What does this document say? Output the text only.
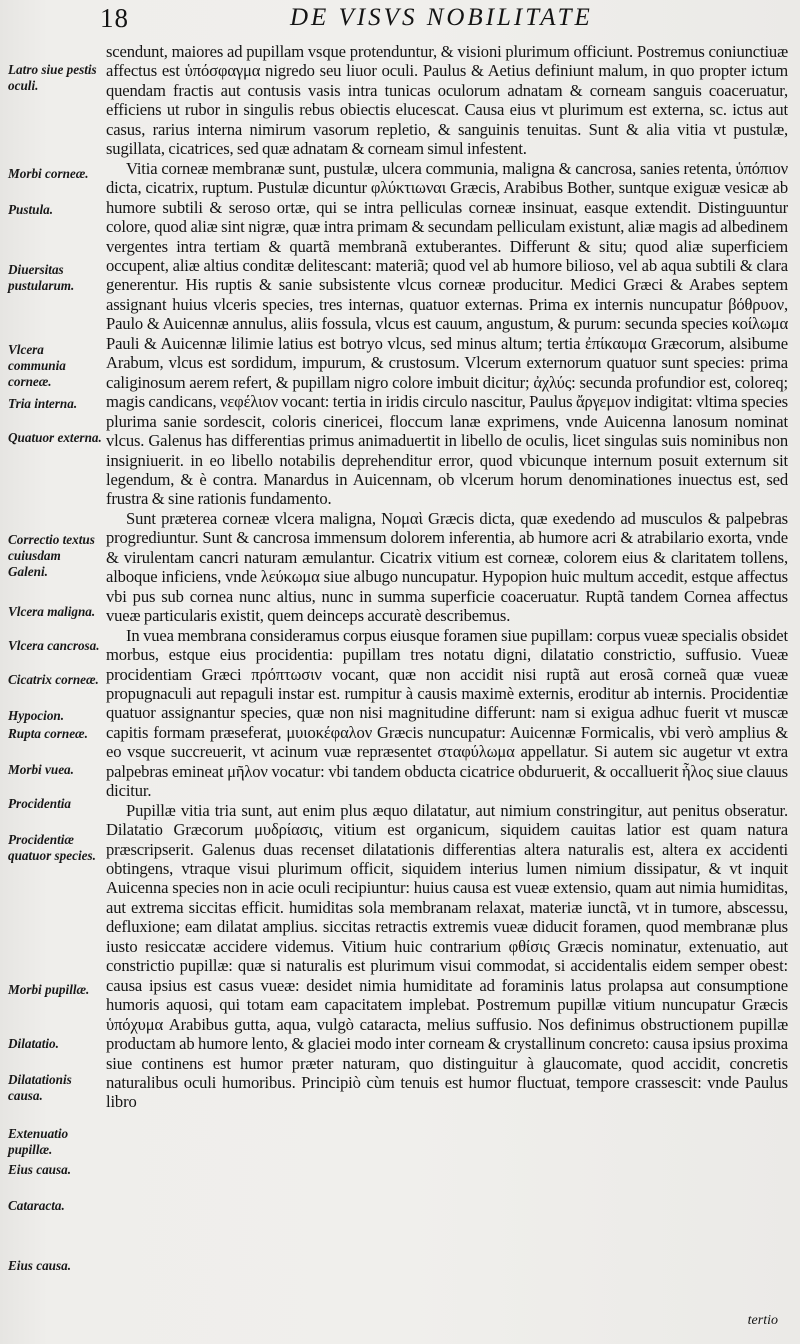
18	DE VISVS NOBILITATE
Latro siue pestis oculi.
Morbi corneæ.
Pustula.
Diuersitas pustularum.
Vlcera communia corneæ.
Tria interna.
Quatuor externa.
Correctio textus cuiusdam Galeni.
Vlcera maligna.
Vlcera cancrosa.
Cicatrix corneæ.
Hypocion.
Rupta corneæ.
Morbi vuea.
Procidentia
Procidentiæ quatuor species.
Morbi pupillæ.
Dilatatio.
Dilatationis causa.
Extenuatio pupillæ.
Eius causa.
Cataracta.
Eius causa.

scendunt, maiores ad pupillam vsque protenduntur, & visioni plurimum officiunt. Postremus coniunctiuæ affectus est ὑπόσφαγμα nigredo seu liuor oculi. Paulus & Aetius definiunt malum, in quo propter ictum quendam fractis aut contusis vasis intra tunicas oculorum adnatam & corneam sanguis coaceruatur, efficiens ut rubor in singulis rebus obiectis elucescat. Causa eius vt plurimum est externa, sc. ictus aut casus, rarius interna nimirum vasorum repletio, & sanguinis tenuitas. Sunt & alia vitia vt pustulæ, sugillata, cicatrices, sed quæ adnatam & corneam simul infestent.

Vitia corneæ membranæ sunt, pustulæ, ulcera communia, maligna & cancrosa, sanies retenta, ὑπόπιον dicta, cicatrix, ruptum. Pustulæ dicuntur φλύκτιωναι Græcis, Arabibus Bother, suntque exiguæ vesicæ ab humore subtili & seroso ortæ, qui se intra pelliculas corneæ insinuat, easque extendit. Distinguuntur colore, quod aliæ sint nigræ, quæ intra primam & secundam pelliculam existunt, aliæ magis ad albedinem vergentes intra tertiam & quartã membranã extuberantes. Differunt & situ; quod aliæ superficiem occupent, aliæ altius conditæ delitescant: materiã; quod vel ab humore bilioso, vel ab aqua subtili & clara generentur. His ruptis & sanie subsistente vlcus corneæ producitur. Medici Græci & Arabes septem assignant huius vlceris species, tres internas, quatuor externas. Prima ex internis nuncupatur βόθρυον, Paulo & Auicennæ annulus, aliis fossula, vlcus est cauum, angustum, & purum: secunda species κοίλωμα Pauli & Auicennæ lilimie latius est botryo vlcus, sed minus altum; tertia ἐπίκαυμα Græcorum, alsibume Arabum, vlcus est sordidum, impurum, & crustosum. Vlcerum externorum quatuor sunt species: prima caliginosum aerem refert, & pupillam nigro colore imbuit dicitur; ἀχλύς: secunda profundior est, coloreq; magis candicans, νεφέλιον vocant: tertia in iridis circulo nascitur, Paulus ἄργεμον indigitat: vltima species plurima sanie sordescit, coloris cinericei, floccum lanæ exprimens, vnde Auicenna lanosum nominat vlcus. Galenus has differentias primus animaduertit in libello de oculis, licet singulas suis nominibus non insigniuerit. in eo libello notabilis deprehenditur error, quod vbicunque internum posuit externum sit legendum, & è contra. Manardus in Auicennam, ob vlcerum horum denominationes inuectus est, sed frustra & sine rationis fundamento.

Sunt præterea corneæ vlcera maligna, Νομαὶ Græcis dicta, quæ exedendo ad musculos & palpebras progrediuntur. Sunt & cancrosa immensum dolorem inferentia, ab humore acri & atrabilario exorta, vnde & virulentam cancri naturam æmulantur. Cicatrix vitium est corneæ, colorem eius & claritatem tollens, alboque inficiens, vnde λεύκωμα siue albugo nuncupatur. Hypopion huic multum accedit, estque affectus vbi pus sub cornea nunc altius, nunc in summa superficie coaceruatur. Ruptã tandem Cornea affectus vueæ particularis existit, quem deinceps accuratè describemus.

In vuea membrana consideramus corpus eiusque foramen siue pupillam: corpus vueæ specialis obsidet morbus, estque eius procidentia: pupillam tres notatu digni, dilatatio constrictio, suffusio. Vueæ procidentiam Græci πρόπτωσιν vocant, quæ non accidit nisi ruptã aut erosã corneã quæ vueæ propugnaculi aut repaguli instar est. rumpitur à causis maximè externis, eroditur ab internis. Procidentiæ quatuor assignantur species, quæ non nisi magnitudine differunt: nam si exigua adhuc fuerit vt muscæ capitis formam præseferat, μυιοκέφαλον Græcis nuncupatur: Auicennæ Formicalis, vbi verò amplius & eo vsque succreuerit, vt acinum vuæ repræsentet σταφύλωμα appellatur. Si autem sic augetur vt extra palpebras emineat μῆλον vocatur: vbi tandem obducta cicatrice obduruerit, & occalluerit ἧλος siue clauus dicitur.

Pupillæ vitia tria sunt, aut enim plus æquo dilatatur, aut nimium constringitur, aut penitus obseratur. Dilatatio Græcorum μυδρίασις, vitium est organicum, siquidem cauitas latior est quam natura præscripserit. Galenus duas recenset dilatationis differentias altera naturalis est, altera ex accidenti obtingens, vtraque visui plurimum officit, siquidem interius lumen nimium dissipatur, & vt inquit Auicenna species non in acie oculi recipiuntur: huius causa est vueæ extensio, quam aut nimia humiditas, aut extrema siccitas efficit. humiditas sola membranam relaxat, materiæ iunctã, vt in tumore, abscessu, defluxione; eam dilatat amplius. siccitas retractis extremis vueæ diducit foramen, quod membranæ plus iusto resiccatæ accidere videmus. Vitium huic contrarium φθίσις Græcis nominatur, extenuatio, aut constrictio pupillæ: quæ si naturalis est plurimum visui commodat, si accidentalis eidem semper obest: causa ipsius est casus vueæ: desidet nimia humiditate ad foraminis latus prolapsa aut consumptione humoris aquosi, qui totam eam capacitatem implebat. Postremum pupillæ vitium nuncupatur Græcis ὑπόχυμα Arabibus gutta, aqua, vulgò cataracta, melius suffusio. Nos definimus obstructionem pupillæ productam ab humore lento, & glaciei modo inter corneam & crystallinum concreto: causa ipsius proxima siue continens est humor præter naturam, quo distinguitur à glaucomate, quod accidit, concretis naturalibus oculi humoribus. Principiò cùm tenuis est humor fluctuat, tempore crassescit: vnde Paulus libro

tertio
